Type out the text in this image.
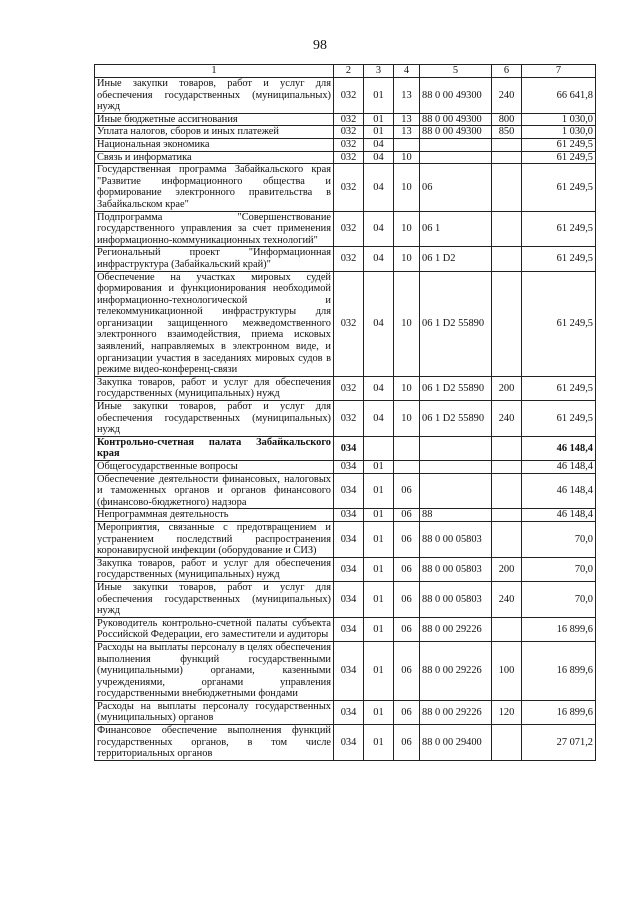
98
1	2	3	4	5	6	7
Иные закупки товаров, работ и услуг для обеспечения государственных (муниципальных) нужд	032	01	13	88 0 00 49300	240	66 641,8
Иные бюджетные ассигнования	032	01	13	88 0 00 49300	800	1 030,0
Уплата налогов, сборов и иных платежей	032	01	13	88 0 00 49300	850	1 030,0
Национальная экономика	032	04				61 249,5
Связь и информатика	032	04	10			61 249,5
Государственная программа Забайкальского края "Развитие информационного общества и формирование электронного правительства в Забайкальском крае"	032	04	10	06		61 249,5
Подпрограмма "Совершенствование государственного управления за счет применения информационно-коммуникационных технологий"	032	04	10	06 1		61 249,5
Региональный проект "Информационная инфраструктура (Забайкальский край)"	032	04	10	06 1 D2		61 249,5
Обеспечение на участках мировых судей формирования и функционирования необходимой информационно-технологической и телекоммуникационной инфраструктуры для организации защищенного межведомственного электронного взаимодействия, приема исковых заявлений, направляемых в электронном виде, и организации участия в заседаниях мировых судов в режиме видео-конференц-связи	032	04	10	06 1 D2 55890		61 249,5
Закупка товаров, работ и услуг для обеспечения государственных (муниципальных) нужд	032	04	10	06 1 D2 55890	200	61 249,5
Иные закупки товаров, работ и услуг для обеспечения государственных (муниципальных) нужд	032	04	10	06 1 D2 55890	240	61 249,5
Контрольно-счетная палата Забайкальского края	034					46 148,4
Общегосударственные вопросы	034	01				46 148,4
Обеспечение деятельности финансовых, налоговых и таможенных органов и органов финансового (финансово-бюджетного) надзора	034	01	06			46 148,4
Непрограммная деятельность	034	01	06	88		46 148,4
Мероприятия, связанные с предотвращением и устранением последствий распространения коронавирусной инфекции (оборудование и СИЗ)	034	01	06	88 0 00 05803		70,0
Закупка товаров, работ и услуг для обеспечения государственных (муниципальных) нужд	034	01	06	88 0 00 05803	200	70,0
Иные закупки товаров, работ и услуг для обеспечения государственных (муниципальных) нужд	034	01	06	88 0 00 05803	240	70,0
Руководитель контрольно-счетной палаты субъекта Российской Федерации, его заместители и аудиторы	034	01	06	88 0 00 29226		16 899,6
Расходы на выплаты персоналу в целях обеспечения выполнения функций государственными (муниципальными) органами, казенными учреждениями, органами управления государственными внебюджетными фондами	034	01	06	88 0 00 29226	100	16 899,6
Расходы на выплаты персоналу государственных (муниципальных) органов	034	01	06	88 0 00 29226	120	16 899,6
Финансовое обеспечение выполнения функций государственных органов, в том числе территориальных органов	034	01	06	88 0 00 29400		27 071,2
